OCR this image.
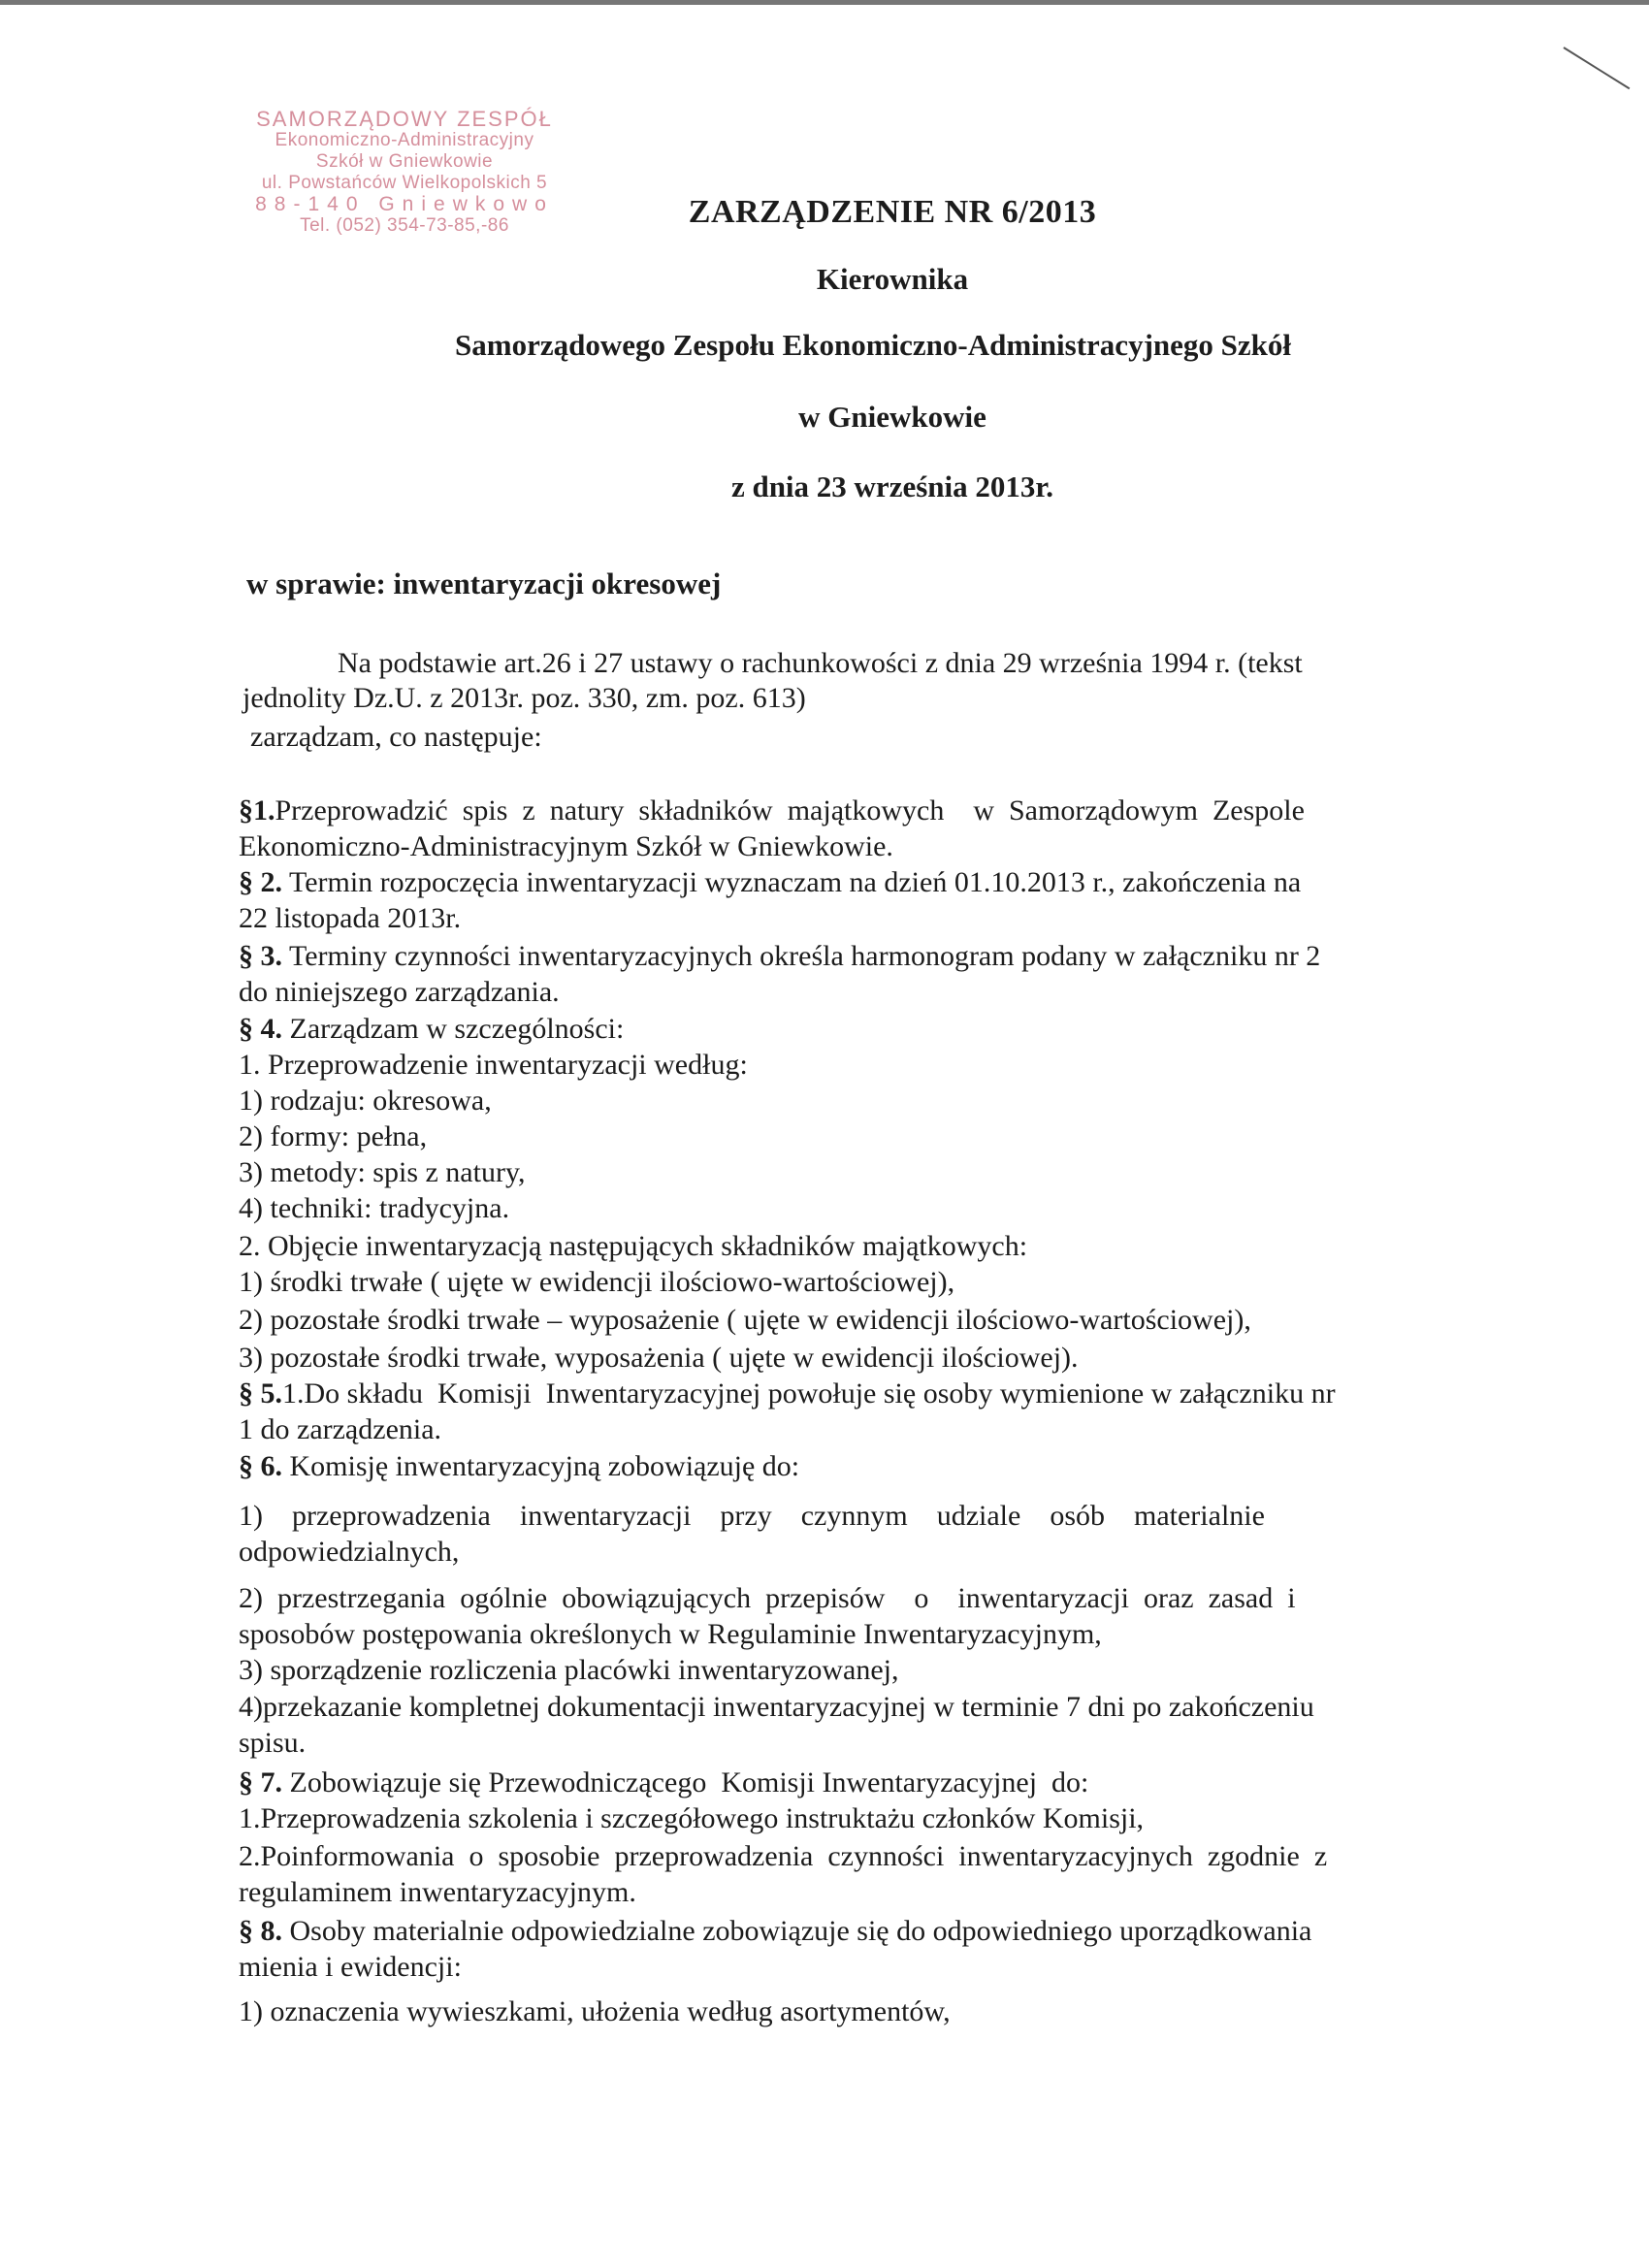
SAMORZĄDOWY ZESPÓŁ
Ekonomiczno-Administracyjny
Szkół w Gniewkowie
ul. Powstańców Wielkopolskich 5
88-140 Gniewkowo
Tel. (052) 354-73-85,-86	ZARZĄDZENIE NR 6/2013
Kierownika
Samorządowego Zespołu Ekonomiczno-Administracyjnego Szkół
w Gniewkowie
z dnia 23 września 2013r.
w sprawie: inwentaryzacji okresowej
Na podstawie art.26 i 27 ustawy o rachunkowości z dnia 29 września 1994 r. (tekst
jednolity Dz.U. z 2013r. poz. 330, zm. poz. 613)
zarządzam, co następuje:
§1.Przeprowadzić  spis  z  natury  składników  majątkowych    w  Samorządowym  Zespole
Ekonomiczno-Administracyjnym Szkół w Gniewkowie.
§ 2. Termin rozpoczęcia inwentaryzacji wyznaczam na dzień 01.10.2013 r., zakończenia na
22 listopada 2013r.
§ 3. Terminy czynności inwentaryzacyjnych określa harmonogram podany w załączniku nr 2
do niniejszego zarządzania.
§ 4. Zarządzam w szczególności:
1. Przeprowadzenie inwentaryzacji według:
1) rodzaju: okresowa,
2) formy: pełna,
3) metody: spis z natury,
4) techniki: tradycyjna.
2. Objęcie inwentaryzacją następujących składników majątkowych:
1) środki trwałe ( ujęte w ewidencji ilościowo-wartościowej),
2) pozostałe środki trwałe – wyposażenie ( ujęte w ewidencji ilościowo-wartościowej),
3) pozostałe środki trwałe, wyposażenia ( ujęte w ewidencji ilościowej).
§ 5.1.Do składu  Komisji  Inwentaryzacyjnej powołuje się osoby wymienione w załączniku nr
1 do zarządzenia.
§ 6. Komisję inwentaryzacyjną zobowiązuję do:
1)    przeprowadzenia    inwentaryzacji    przy    czynnym    udziale    osób    materialnie
odpowiedzialnych,
2)  przestrzegania  ogólnie  obowiązujących  przepisów    o    inwentaryzacji  oraz  zasad  i
sposobów postępowania określonych w Regulaminie Inwentaryzacyjnym,
3) sporządzenie rozliczenia placówki inwentaryzowanej,
4)przekazanie kompletnej dokumentacji inwentaryzacyjnej w terminie 7 dni po zakończeniu
spisu.
§ 7. Zobowiązuje się Przewodniczącego  Komisji Inwentaryzacyjnej  do:
1.Przeprowadzenia szkolenia i szczegółowego instruktażu członków Komisji,
2.Poinformowania  o  sposobie  przeprowadzenia  czynności  inwentaryzacyjnych  zgodnie  z
regulaminem inwentaryzacyjnym.
§ 8. Osoby materialnie odpowiedzialne zobowiązuje się do odpowiedniego uporządkowania
mienia i ewidencji:
1) oznaczenia wywieszkami, ułożenia według asortymentów,
